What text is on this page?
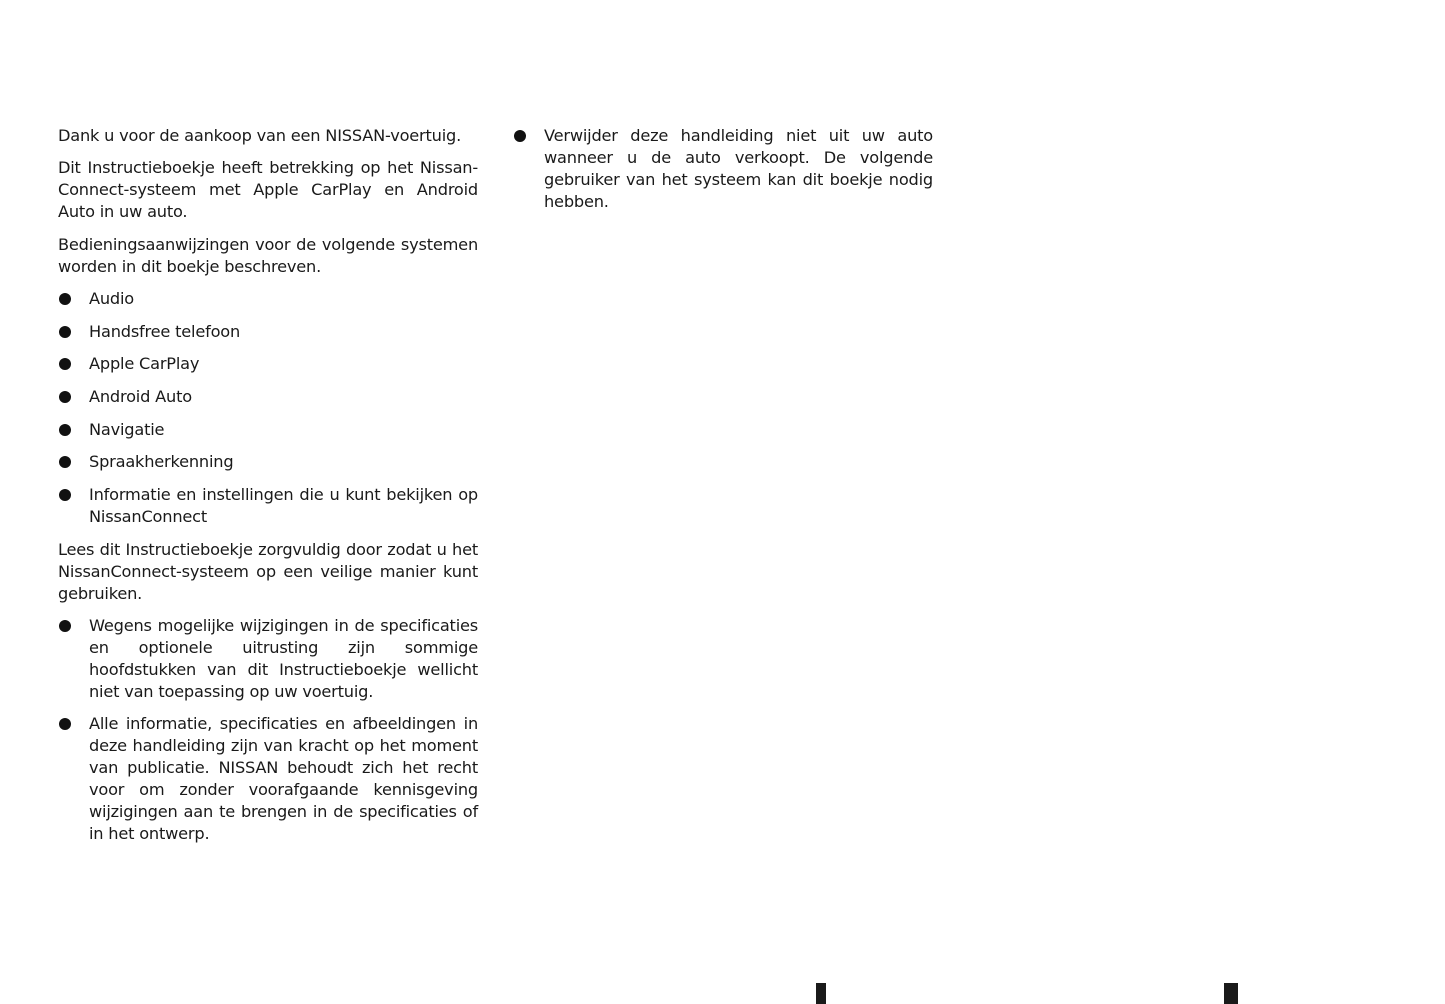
Dank u voor de aankoop van een NISSAN-voertuig.

Dit Instructieboekje heeft betrekking op het Nissan-Connect-systeem met Apple CarPlay en Android Auto in uw auto.

Bedieningsaanwijzingen voor de volgende systemen worden in dit boekje beschreven.

Audio
Handsfree telefoon
Apple CarPlay
Android Auto
Navigatie
Spraakherkenning
Informatie en instellingen die u kunt bekijken op NissanConnect

Lees dit Instructieboekje zorgvuldig door zodat u het NissanConnect-systeem op een veilige manier kunt gebruiken.

Wegens mogelijke wijzigingen in de specificaties en optionele uitrusting zijn sommige hoofdstukken van dit Instructieboekje wellicht niet van toepassing op uw voertuig.
Alle informatie, specificaties en afbeeldingen in deze handleiding zijn van kracht op het moment van publicatie. NISSAN behoudt zich het recht voor om zonder voorafgaande kennisgeving wijzigingen aan te brengen in de specificaties of in het ontwerp.
Verwijder deze handleiding niet uit uw auto wanneer u de auto verkoopt. De volgende gebruiker van het systeem kan dit boekje nodig hebben.
